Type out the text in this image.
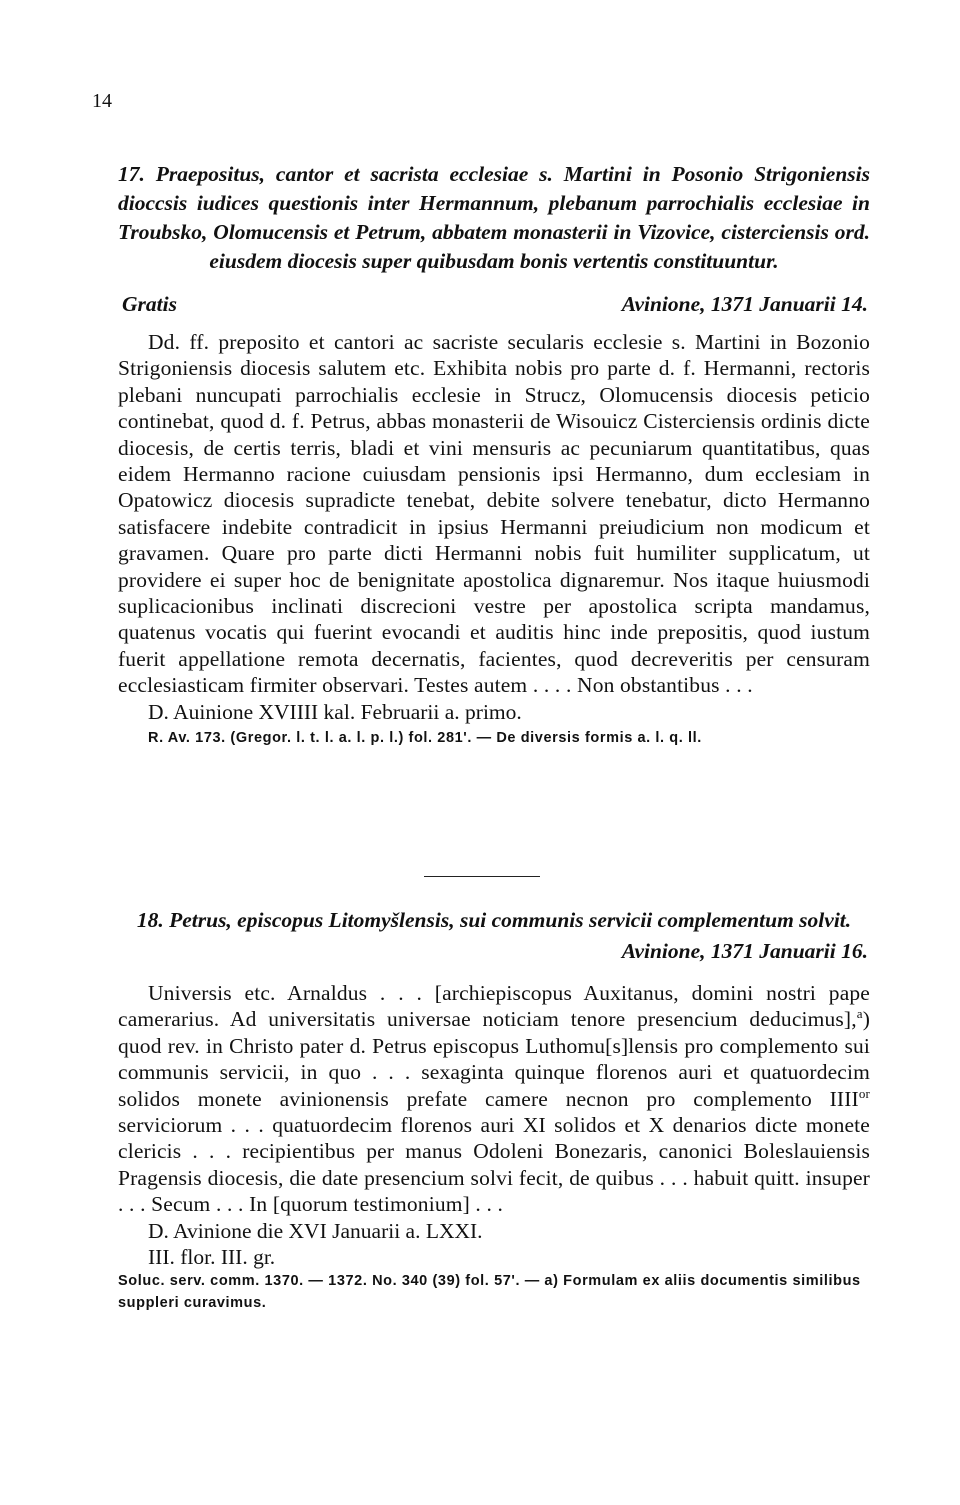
14
17. Praepositus, cantor et sacrista ecclesiae s. Martini in Posonio Strigoniensis dioccsis iudices questionis inter Hermannum, plebanum parrochialis ecclesiae in Troubsko, Olomucensis et Petrum, abbatem monasterii in Vizovice, cisterciensis ord. eiusdem diocesis super quibusdam bonis vertentis constituuntur.
Gratis	Avinione, 1371 Januarii 14.
Dd. ff. preposito et cantori ac sacriste secularis ecclesie s. Martini in Bozonio Strigoniensis diocesis salutem etc. Exhibita nobis pro parte d. f. Hermanni, rectoris plebani nuncupati parrochialis ecclesie in Strucz, Olomucensis diocesis peticio continebat, quod d. f. Petrus, abbas monasterii de Wisouicz Cisterciensis ordinis dicte diocesis, de certis terris, bladi et vini mensuris ac pecuniarum quantitatibus, quas eidem Hermanno racione cuiusdam pensionis ipsi Hermanno, dum ecclesiam in Opatowicz diocesis supradicte tenebat, debite solvere tenebatur, dicto Hermanno satisfacere indebite contradicit in ipsius Hermanni preiudicium non modicum et gravamen. Quare pro parte dicti Hermanni nobis fuit humiliter supplicatum, ut providere ei super hoc de benignitate apostolica dignaremur. Nos itaque huiusmodi suplicacionibus inclinati discrecioni vestre per apostolica scripta mandamus, quatenus vocatis qui fuerint evocandi et auditis hinc inde prepositis, quod iustum fuerit appellatione remota decernatis, facientes, quod decreveritis per censuram ecclesiasticam firmiter observari. Testes autem . . . . Non obstantibus . . .
D. Auinione XVIIII kal. Februarii a. primo.
R. Av. 173. (Gregor. l. t. l. a. l. p. l.) fol. 281'. — De diversis formis a. l. q. ll.
18. Petrus, episcopus Litomyšlensis, sui communis servicii complementum solvit.
Avinione, 1371 Januarii 16.
Universis etc. Arnaldus . . . [archiepiscopus Auxitanus, domini nostri pape camerarius. Ad universitatis universae noticiam tenore presencium deducimus],$^a$) quod rev. in Christo pater d. Petrus episcopus Luthomu[s]lensis pro complemento sui communis servicii, in quo . . . sexaginta quinque florenos auri et quatuordecim solidos monete avinionensis prefate camere necnon pro complemento $IIII^{or}$ serviciorum . . . quatuordecim florenos auri XI solidos et X denarios dicte monete clericis . . . recipientibus per manus Odoleni Bonezaris, canonici Boleslauiensis Pragensis diocesis, die date presencium solvi fecit, de quibus . . . habuit quitt. insuper . . . Secum . . . In [quorum testimonium] . . .
D. Avinione die XVI Januarii a. LXXI.
III. flor. III. gr.
Soluc. serv. comm. 1370. — 1372. No. 340 (39) fol. 57'. — a) Formulam ex aliis documentis similibus suppleri curavimus.
